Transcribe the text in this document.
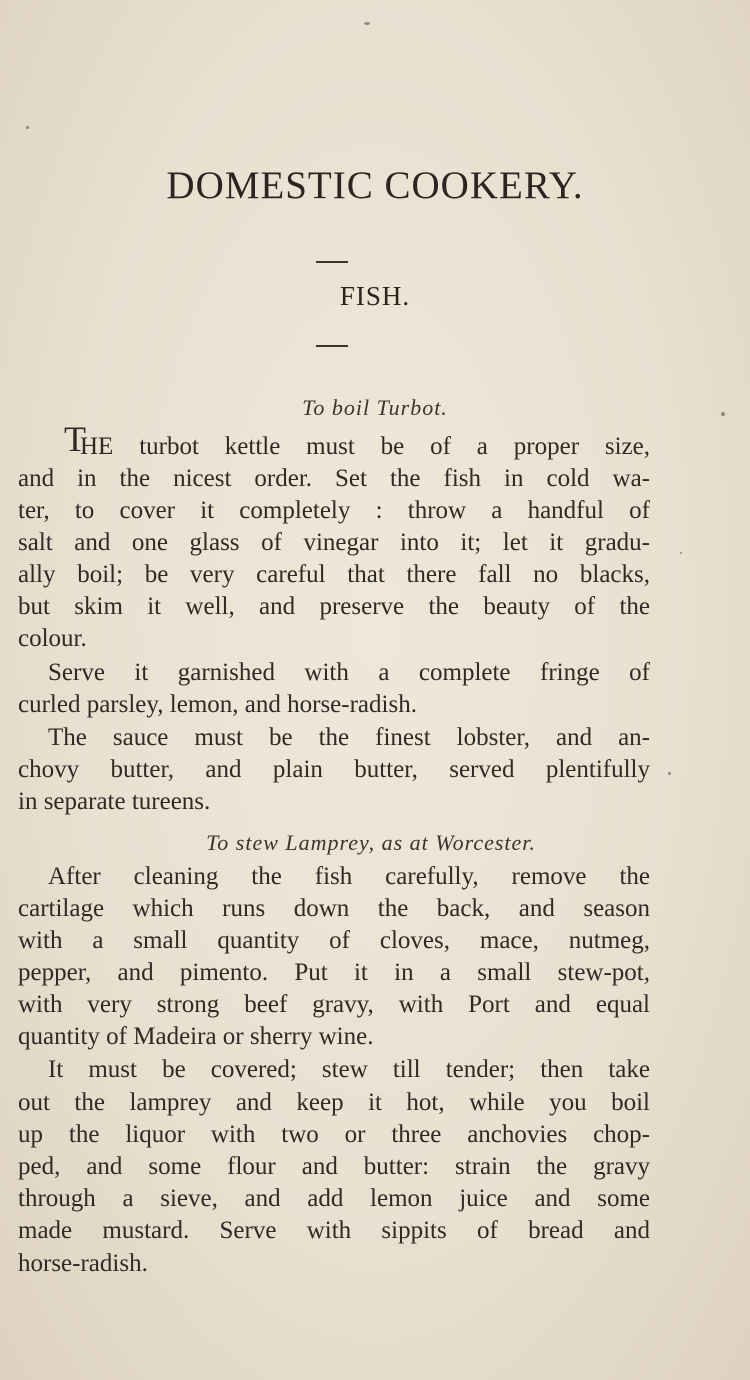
DOMESTIC COOKERY.
FISH.
To boil Turbot.
T
HE turbot kettle must be of a proper size,
and in the nicest order. Set the fish in cold wa-
ter, to cover it completely : throw a handful of
salt and one glass of vinegar into it; let it gradu-
ally boil; be very careful that there fall no blacks,
but skim it well, and preserve the beauty of the
colour.
Serve it garnished with a complete fringe of
curled parsley, lemon, and horse-radish.
The sauce must be the finest lobster, and an-
chovy butter, and plain butter, served plentifully
in separate tureens.
To stew Lamprey, as at Worcester.
After cleaning the fish carefully, remove the
cartilage which runs down the back, and season
with a small quantity of cloves, mace, nutmeg,
pepper, and pimento. Put it in a small stew-pot,
with very strong beef gravy, with Port and equal
quantity of Madeira or sherry wine.
It must be covered; stew till tender; then take
out the lamprey and keep it hot, while you boil
up the liquor with two or three anchovies chop-
ped, and some flour and butter: strain the gravy
through a sieve, and add lemon juice and some
made mustard. Serve with sippits of bread and
horse-radish.
